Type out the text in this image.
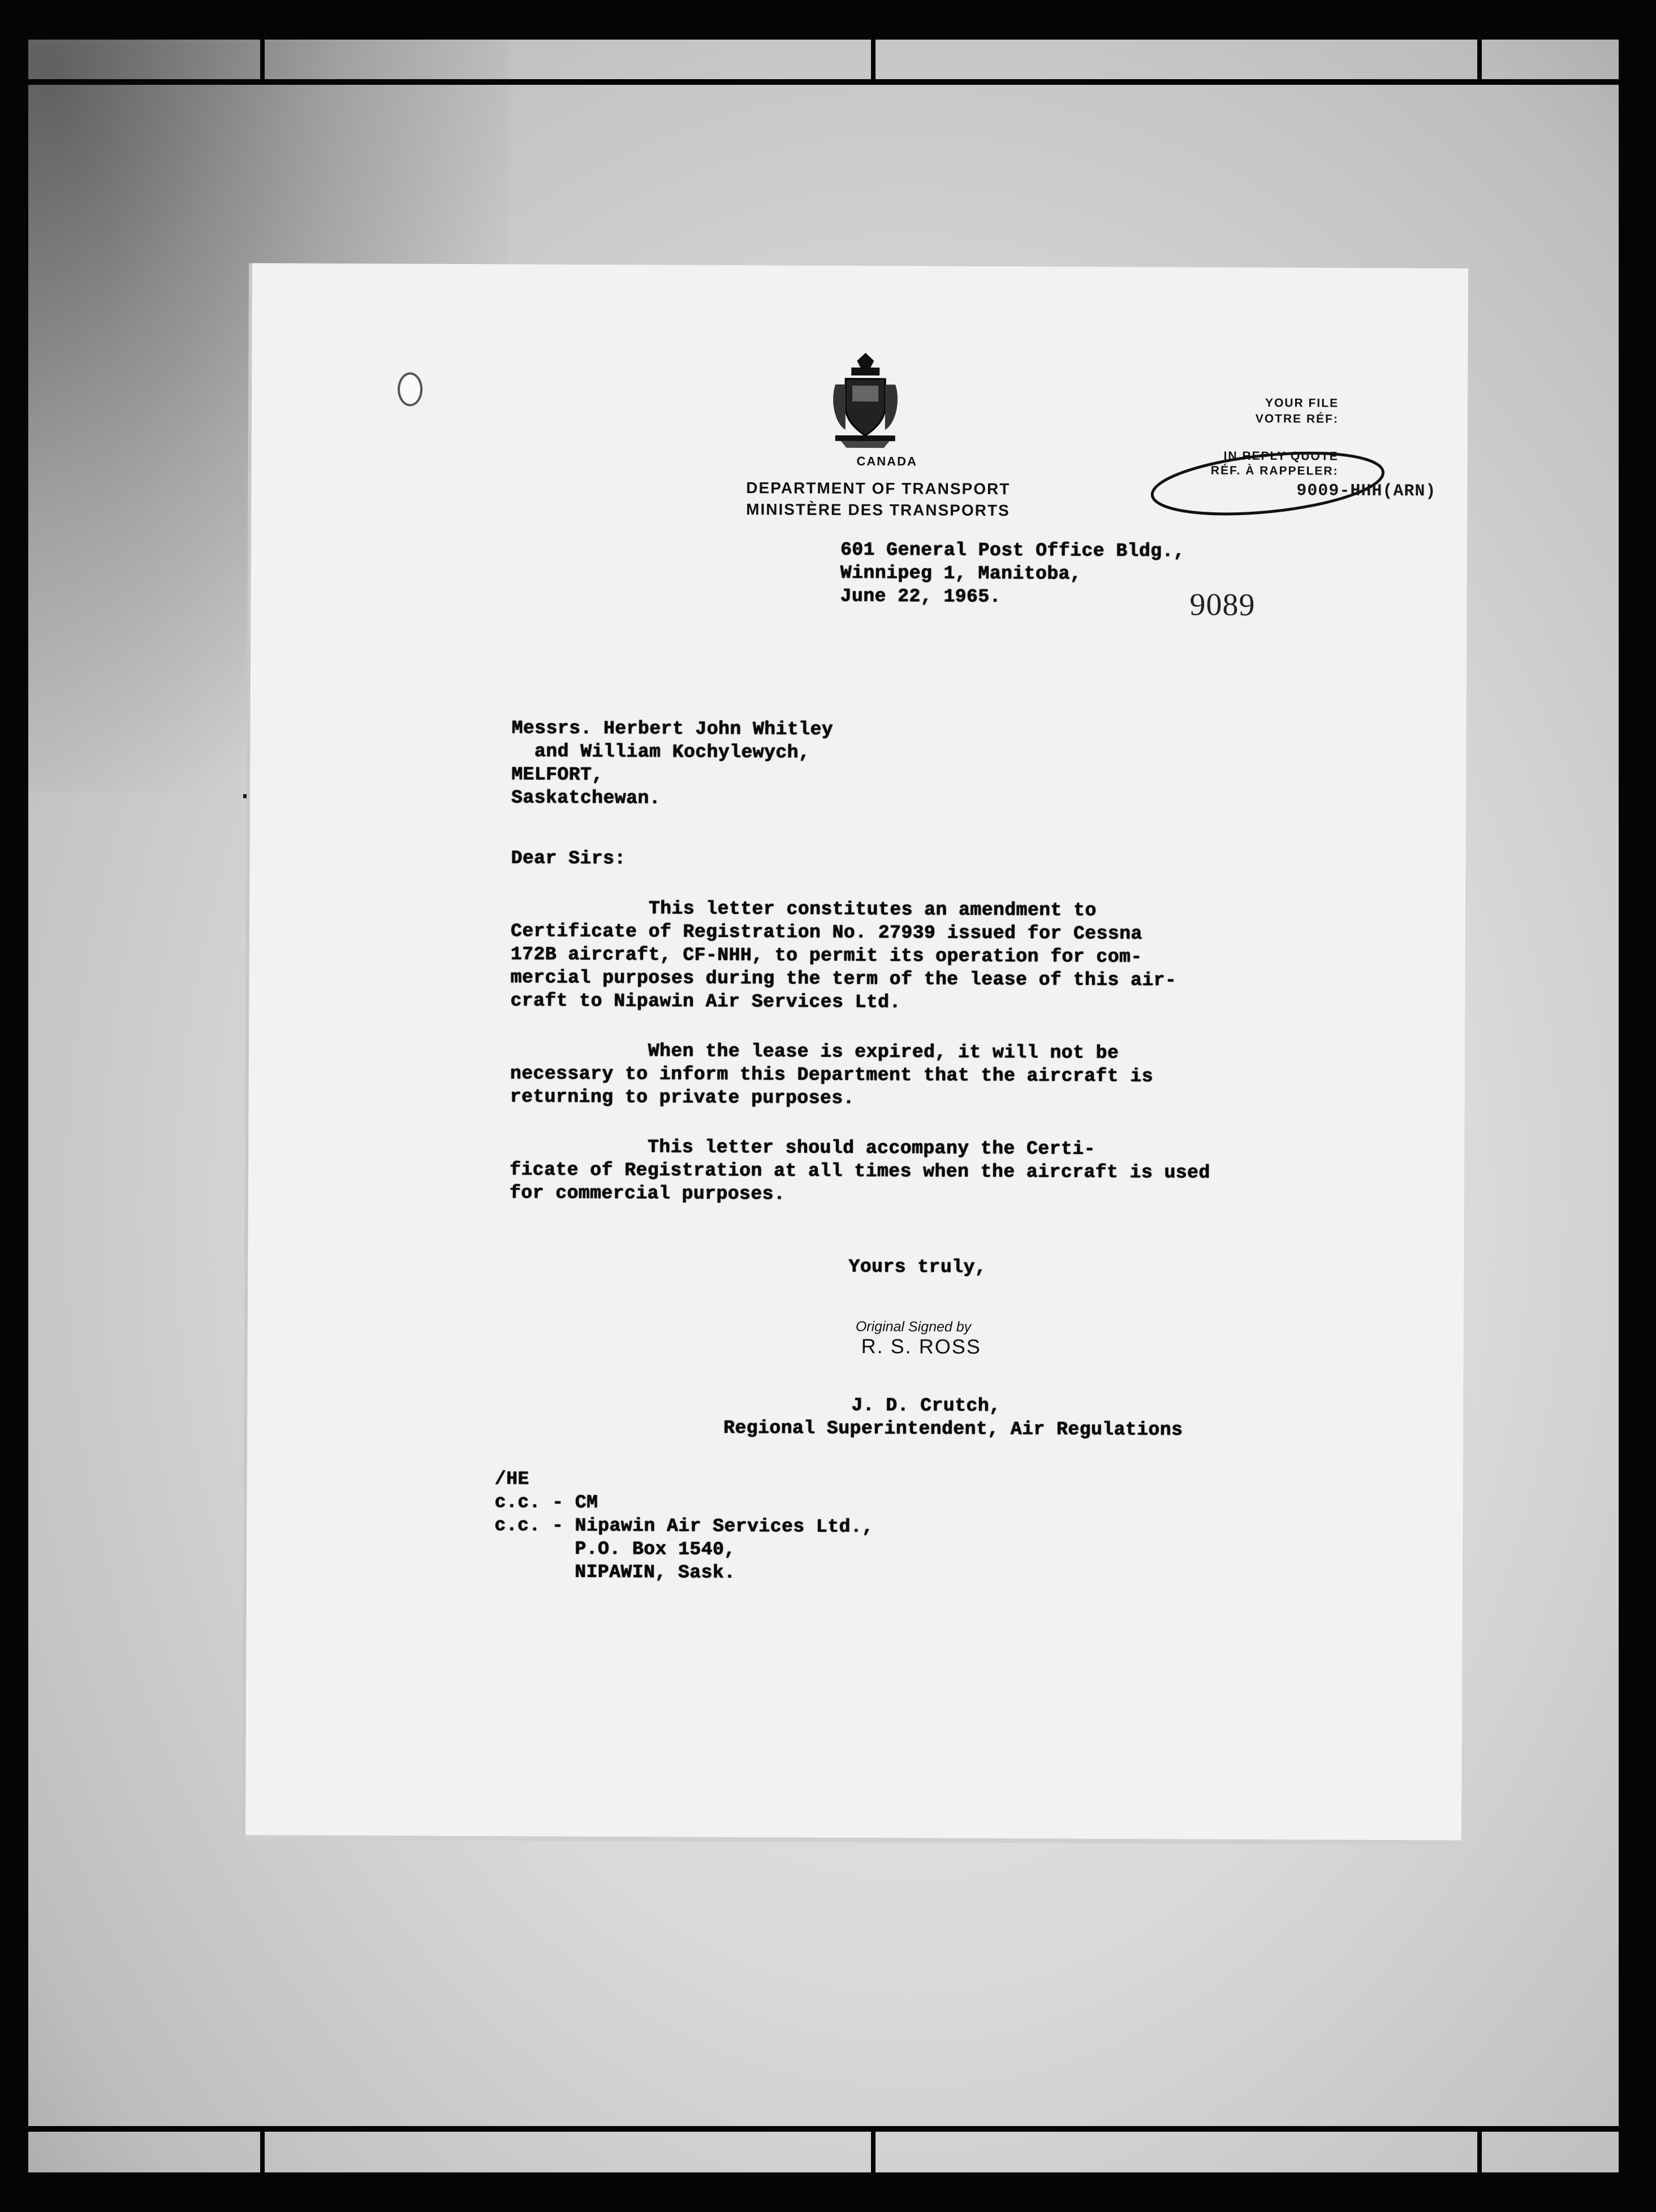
CANADA
DEPARTMENT OF TRANSPORT
MINISTÈRE DES TRANSPORTS
YOUR FILE
VOTRE RÉF:
IN REPLY QUOTE
RÉF. À RAPPELER:
9009-HHH(ARN)
9089
601 General Post Office Bldg.,
Winnipeg 1, Manitoba,
June 22, 1965.
Messrs. Herbert John Whitley
and William Kochylewych,
MELFORT,
Saskatchewan.
Dear Sirs:
This letter constitutes an amendment to
Certificate of Registration No. 27939 issued for Cessna
172B aircraft, CF-NHH, to permit its operation for com-
mercial purposes during the term of the lease of this air-
craft to Nipawin Air Services Ltd.
When the lease is expired, it will not be
necessary to inform this Department that the aircraft is
returning to private purposes.
This letter should accompany the Certi-
ficate of Registration at all times when the aircraft is used
for commercial purposes.
Yours truly,
Original Signed by
R. S. ROSS
J. D. Crutch,
Regional Superintendent, Air Regulations
/HE
c.c. - CM
c.c. - Nipawin Air Services Ltd.,
P.O. Box 1540,
NIPAWIN, Sask.
